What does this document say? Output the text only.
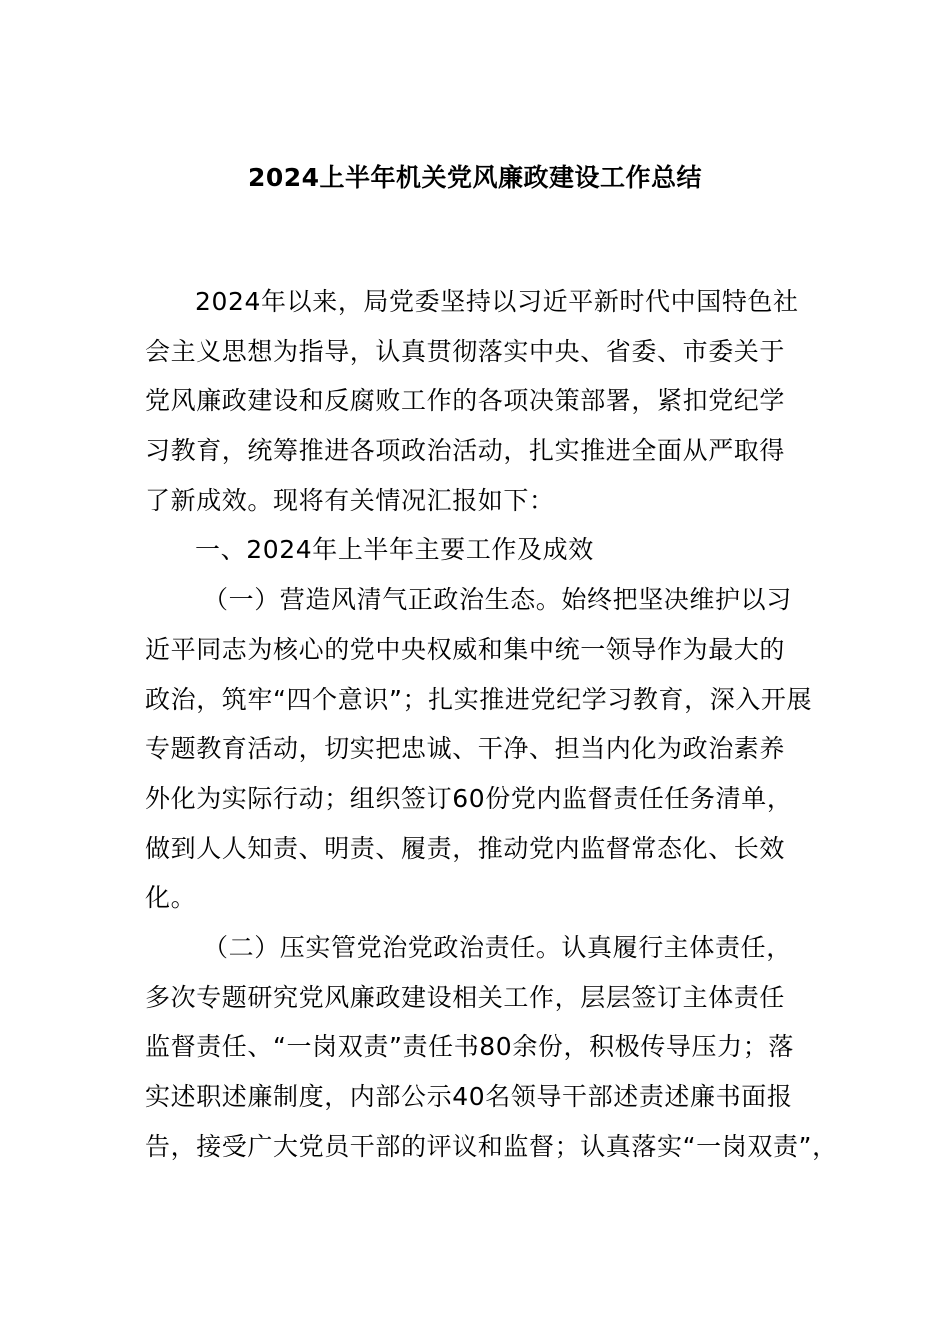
2024上半年机关党风廉政建设工作总结
2024年以来，局党委坚持以习近平新时代中国特色社
会主义思想为指导，认真贯彻落实中央、省委、市委关于
党风廉政建设和反腐败工作的各项决策部署，紧扣党纪学
习教育，统筹推进各项政治活动，扎实推进全面从严取得
了新成效。现将有关情况汇报如下：
一、2024年上半年主要工作及成效
（一）营造风清气正政治生态。始终把坚决维护以习
近平同志为核心的党中央权威和集中统一领导作为最大的
政治，筑牢“四个意识”；扎实推进党纪学习教育，深入开展
专题教育活动，切实把忠诚、干净、担当内化为政治素养
外化为实际行动；组织签订60份党内监督责任任务清单，
做到人人知责、明责、履责，推动党内监督常态化、长效
化。
（二）压实管党治党政治责任。认真履行主体责任，
多次专题研究党风廉政建设相关工作，层层签订主体责任
监督责任、“一岗双责”责任书80余份，积极传导压力；落
实述职述廉制度，内部公示40名领导干部述责述廉书面报
告，接受广大党员干部的评议和监督；认真落实“一岗双责”，
